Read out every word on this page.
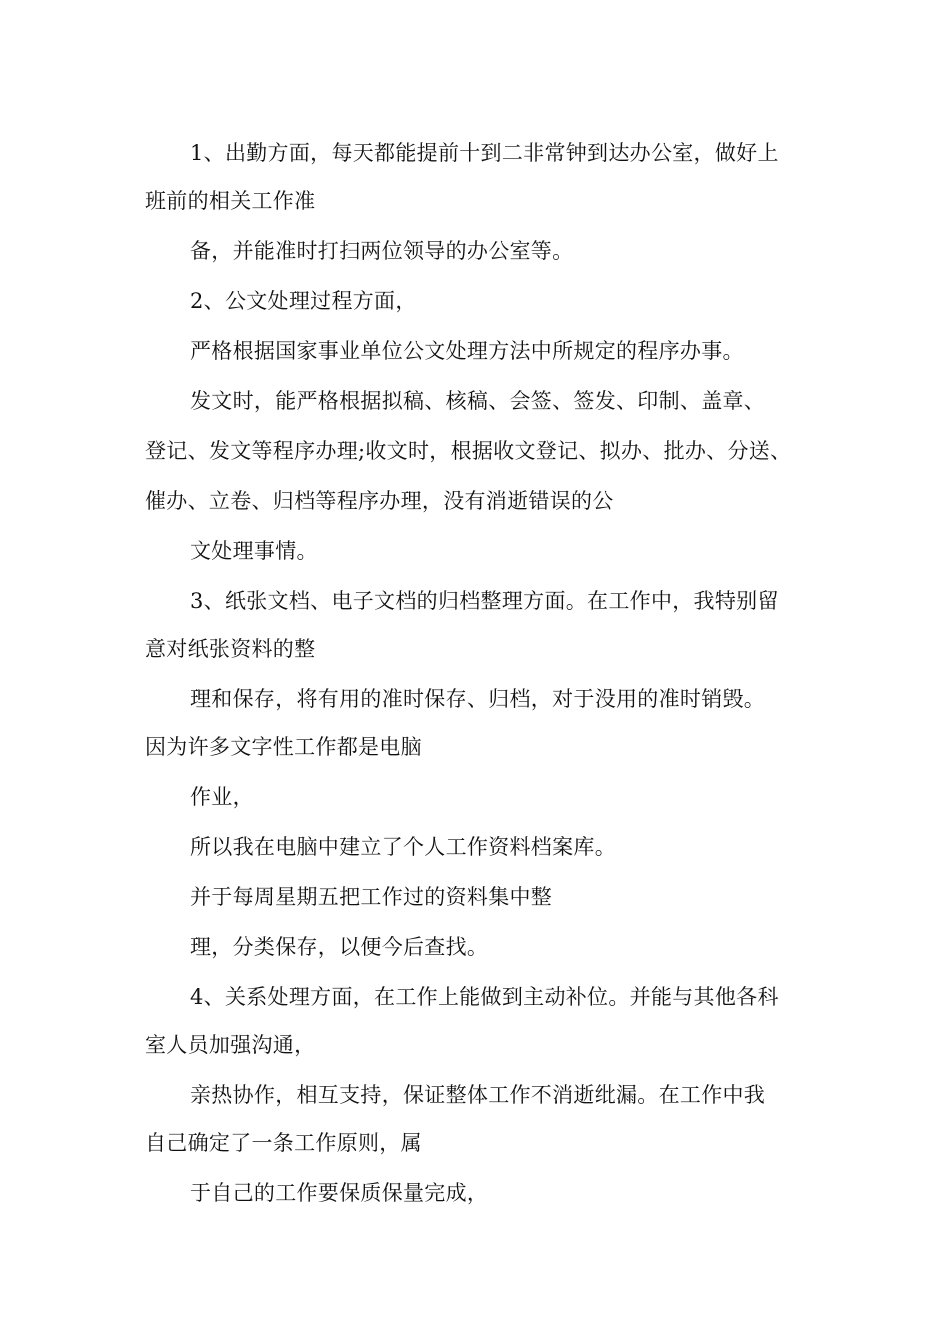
1、出勤方面，每天都能提前十到二非常钟到达办公室，做好上
班前的相关工作准
备，并能准时打扫两位领导的办公室等。
2、公文处理过程方面，
严格根据国家事业单位公文处理方法中所规定的程序办事。
发文时，能严格根据拟稿、核稿、会签、签发、印制、盖章、
登记、发文等程序办理;收文时，根据收文登记、拟办、批办、分送、
催办、立卷、归档等程序办理，没有消逝错误的公
文处理事情。
3、纸张文档、电子文档的归档整理方面。在工作中，我特别留
意对纸张资料的整
理和保存，将有用的准时保存、归档，对于没用的准时销毁。
因为许多文字性工作都是电脑
作业，
所以我在电脑中建立了个人工作资料档案库。
并于每周星期五把工作过的资料集中整
理，分类保存，以便今后查找。
4、关系处理方面，在工作上能做到主动补位。并能与其他各科
室人员加强沟通，
亲热协作，相互支持，保证整体工作不消逝纰漏。在工作中我
自己确定了一条工作原则，属
于自己的工作要保质保量完成，
